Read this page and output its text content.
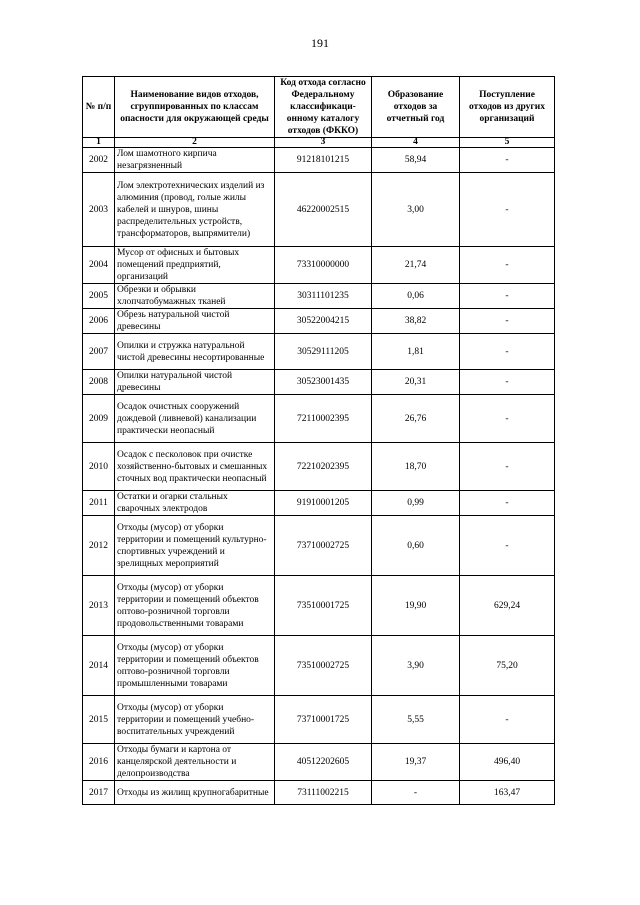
191
№ п/п	Наименование видов отходов, сгруппированных по классам опасности для окружающей среды	Код отхода согласно Федеральному классификаци-онному каталогу отходов (ФККО)	Образование отходов за отчетный год	Поступление отходов из других организаций
1	2	3	4	5
2002	Лом шамотного кирпича незагрязненный	91218101215	58,94	-
2003	Лом электротехнических изделий из алюминия (провод, голые жилы кабелей и шнуров, шины распределительных устройств, трансформаторов, выпрямители)	46220002515	3,00	-
2004	Мусор от офисных и бытовых помещений предприятий, организаций	73310000000	21,74	-
2005	Обрезки и обрывки хлопчатобумажных тканей	30311101235	0,06	-
2006	Обрезь натуральной чистой древесины	30522004215	38,82	-
2007	Опилки и стружка натуральной чистой древесины несортированные	30529111205	1,81	-
2008	Опилки натуральной чистой древесины	30523001435	20,31	-
2009	Осадок очистных сооружений дождевой (ливневой) канализации практически неопасный	72110002395	26,76	-
2010	Осадок с песколовок при очистке хозяйственно-бытовых и смешанных сточных вод практически неопасный	72210202395	18,70	-
2011	Остатки и огарки стальных сварочных электродов	91910001205	0,99	-
2012	Отходы (мусор) от уборки территории и помещений культурно-спортивных учреждений и зрелищных мероприятий	73710002725	0,60	-
2013	Отходы (мусор) от уборки территории и помещений объектов оптово-розничной торговли продовольственными товарами	73510001725	19,90	629,24
2014	Отходы (мусор) от уборки территории и помещений объектов оптово-розничной торговли промышленными товарами	73510002725	3,90	75,20
2015	Отходы (мусор) от уборки территории и помещений учебно-воспитательных учреждений	73710001725	5,55	-
2016	Отходы бумаги и картона от канцелярской деятельности и делопроизводства	40512202605	19,37	496,40
2017	Отходы из жилищ крупногабаритные	73111002215	-	163,47
